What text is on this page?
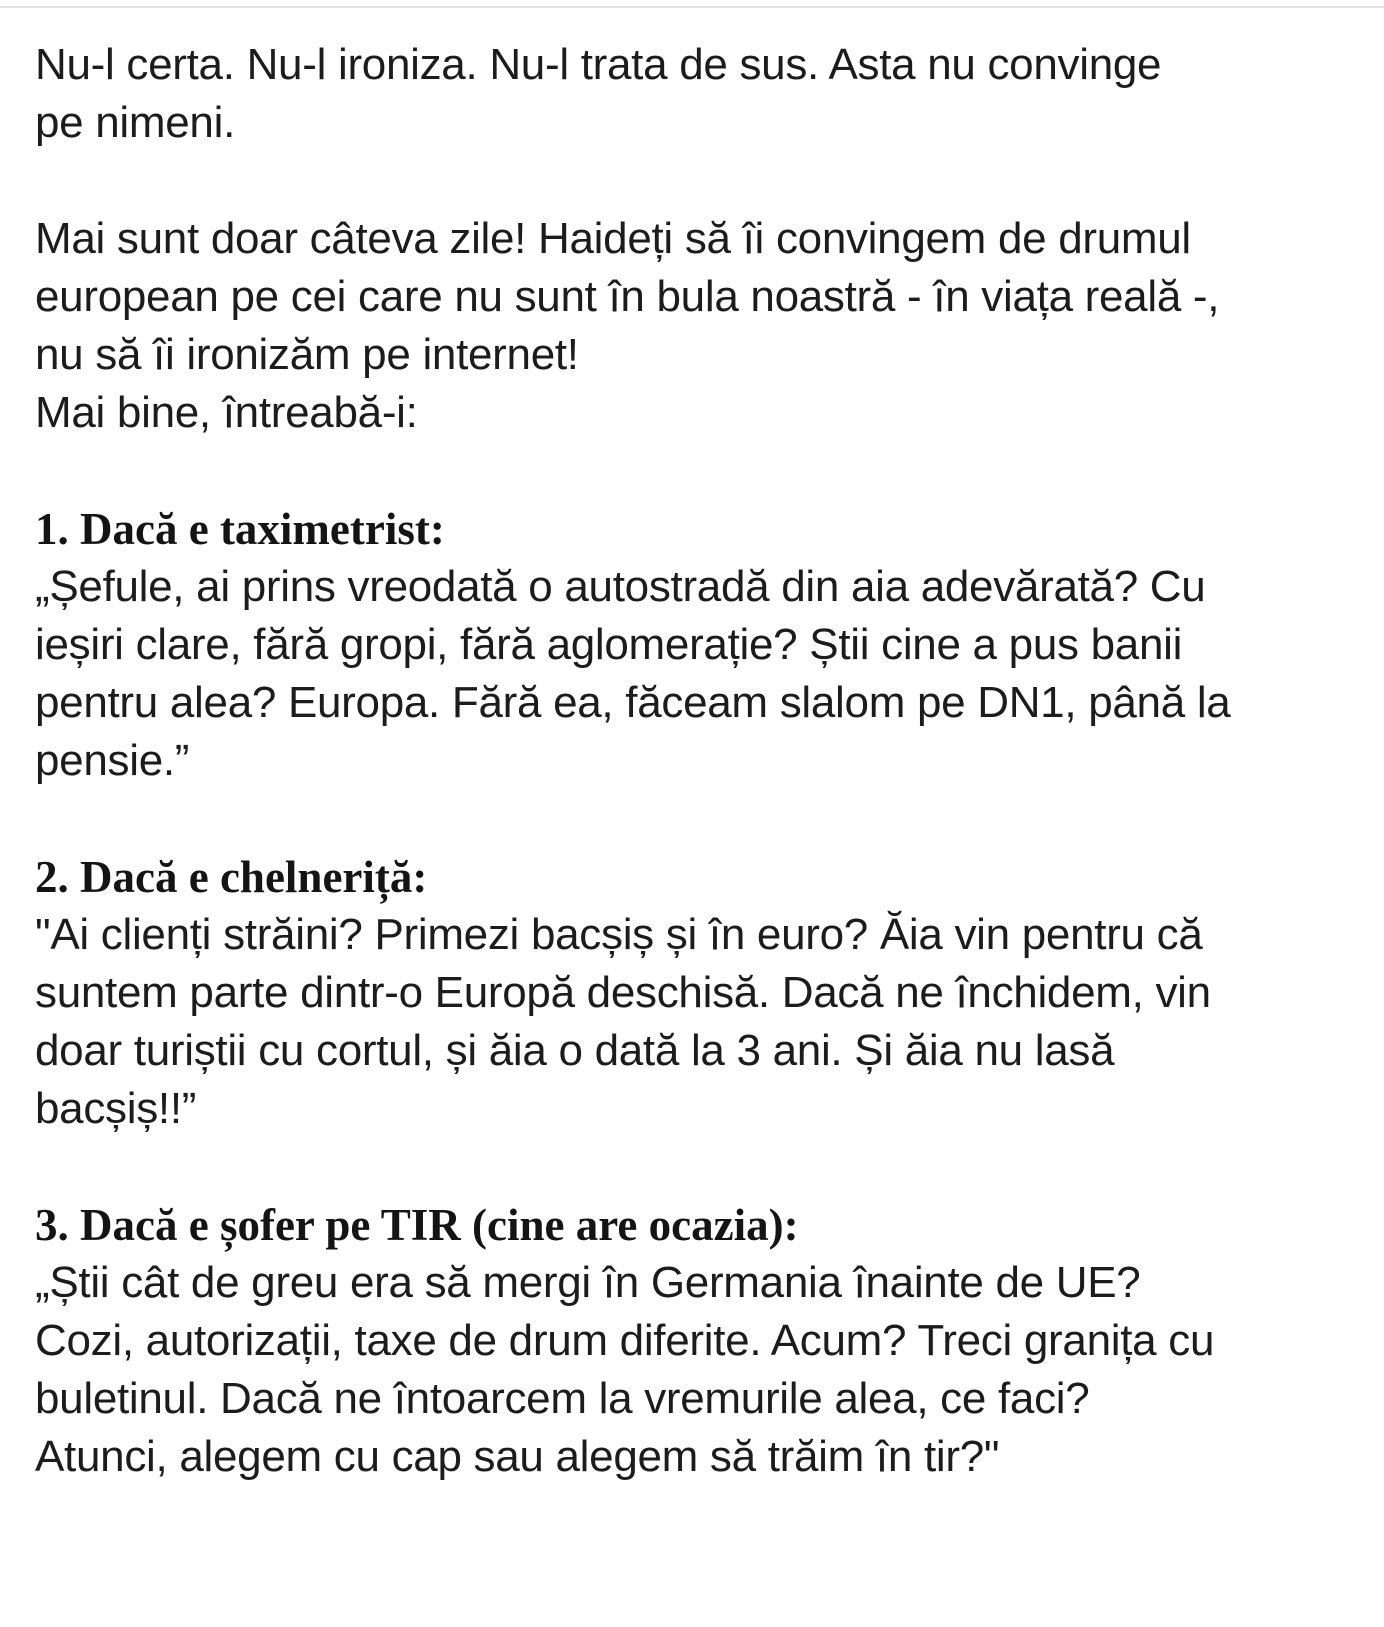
Nu-l certa. Nu-l ironiza. Nu-l trata de sus. Asta nu convinge
pe nimeni.

Mai sunt doar câteva zile! Haideți să îi convingem de drumul
european pe cei care nu sunt în bula noastră - în viața reală -,
nu să îi ironizăm pe internet!
Mai bine, întreabă-i:

1. Dacă e taximetrist:

„Șefule, ai prins vreodată o autostradă din aia adevărată? Cu
ieșiri clare, fără gropi, fără aglomerație? Știi cine a pus banii
pentru alea? Europa. Fără ea, făceam slalom pe DN1, până la
pensie.”

2. Dacă e chelneriță:

"Ai clienți străini? Primezi bacșiș și în euro? Ăia vin pentru că
suntem parte dintr-o Europă deschisă. Dacă ne închidem, vin
doar turiștii cu cortul, și ăia o dată la 3 ani. Și ăia nu lasă
bacșiș!!”

3. Dacă e șofer pe TIR (cine are ocazia):

„Știi cât de greu era să mergi în Germania înainte de UE?
Cozi, autorizații, taxe de drum diferite. Acum? Treci granița cu
buletinul. Dacă ne întoarcem la vremurile alea, ce faci?
Atunci, alegem cu cap sau alegem să trăim în tir?"
